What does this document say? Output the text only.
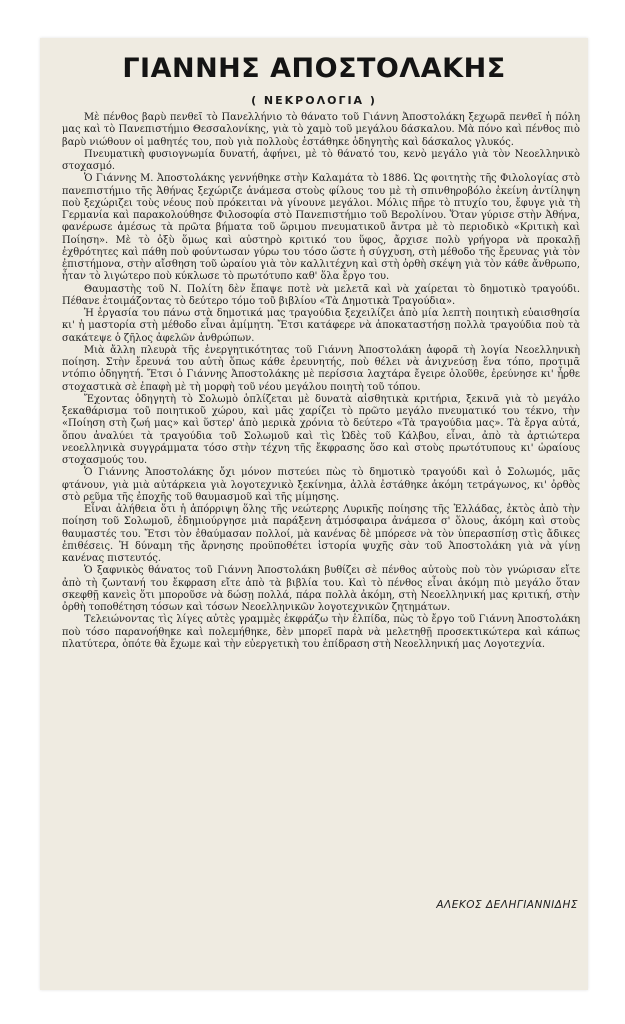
ΓΙΑΝΝΗΣ ΑΠΟΣΤΟΛΑΚΗΣ
( ΝΕΚΡΟΛΟΓΙΑ )

Μὲ πένθος βαρὺ πενθεῖ τὸ Πανελλήνιο τὸ θάνατο τοῦ Γιάννη Ἀποστολάκη ξεχωρᾶ πενθεῖ ἡ πόλη μας καὶ τὸ Πανεπιστήμιο Θεσσαλονίκης, γιὰ τὸ χαμὸ τοῦ μεγάλου δάσκαλου. Μὰ πόνο καὶ πένθος πιὸ βαρὺ νιώθουν οἱ μαθητές του, ποὺ γιὰ πολλοὺς ἐστάθηκε ὁδηγητὴς καὶ δάσκαλος γλυκός.

Πνευματικὴ φυσιογνωμία δυνατή, ἀφήνει, μὲ τὸ θάνατό του, κενὸ μεγάλο γιὰ τὸν Νεοελληνικὸ στοχασμό.

Ὁ Γιάννης Μ. Ἀποστολάκης γεννήθηκε στὴν Καλαμάτα τὸ 1886. Ὡς φοιτητὴς τῆς Φιλολογίας στὸ πανεπιστήμιο τῆς Ἀθήνας ξεχώριζε ἀνάμεσα στοὺς φίλους του μὲ τὴ σπινθηροβόλο ἐκείνη ἀντίληψη ποὺ ξεχώριζει τοὺς νέους ποὺ πρόκειται νὰ γίνουνε μεγάλοι. Μόλις πῆρε τὸ πτυχίο του, ἔφυγε γιὰ τὴ Γερμανία καὶ παρακολούθησε Φιλοσοφία στὸ Πανεπιστήμιο τοῦ Βερολίνου. Ὅταν γύρισε στὴν Ἀθήνα, φανέρωσε ἀμέσως τὰ πρῶτα βήματα τοῦ ὥριμου πνευματικοῦ ἄντρα μὲ τὸ περιοδικὸ «Κριτικὴ καὶ Ποίηση». Μὲ τὸ ὀξὺ ὅμως καὶ αὐστηρὸ κριτικό του ὕφος, ἄρχισε πολὺ γρήγορα νὰ προκαλῇ ἐχθρότητες καὶ πάθη ποὺ φούντωσαν γύρω του τόσο ὥστε ἡ σύγχυση, στὴ μέθοδο τῆς ἔρευνας γιὰ τὸν ἐπιστήμονα, στὴν αἴσθηση τοῦ ὡραίου γιὰ τὸν καλλιτέχνη καὶ στὴ ὀρθὴ σκέψη γιὰ τὸν κάθε ἄνθρωπο, ἦταν τὸ λιγώτερο ποὺ κύκλωσε τὸ πρωτότυπο καθ' ὅλα ἔργο του.

Θαυμαστὴς τοῦ Ν. Πολίτη δὲν ἔπαψε ποτὲ νὰ μελετᾶ καὶ νὰ χαίρεται τὸ δημοτικὸ τραγούδι. Πέθανε ἑτοιμάζοντας τὸ δεύτερο τόμο τοῦ βιβλίου «Τὰ Δημοτικὰ Τραγούδια».

Ἡ ἐργασία του πάνω στὰ δημοτικά μας τραγούδια ξεχειλίζει ἀπὸ μία λεπτὴ ποιητικὴ εὐαισθησία κι' ἡ μαστορία στὴ μέθοδο εἶναι ἀμίμητη. Ἔτσι κατάφερε νὰ ἀποκαταστήσῃ πολλὰ τραγούδια ποὺ τὰ σακάτεψε ὁ ζῆλος ἀφελῶν ἀνθρώπων.

Μιὰ ἄλλη πλευρὰ τῆς ἐνεργητικότητας τοῦ Γιάννη Ἀποστολάκη ἀφορᾶ τὴ λογία Νεοελληνικὴ ποίηση. Στὴν ἔρευνά του αὐτὴ ὅπως κάθε ἐρευνητής, ποὺ θέλει νὰ ἀνιχνεύσῃ ἕνα τόπο, προτιμᾶ ντόπιο ὁδηγητή. Ἔτσι ὁ Γιάννης Ἀποστολάκης μὲ περίσσια λαχτάρα ἔγειρε ὁλοῦθε, ἐρεύνησε κι' ἦρθε στοχαστικὰ σὲ ἐπαφὴ μὲ τὴ μορφὴ τοῦ νέου μεγάλου ποιητὴ τοῦ τόπου.

Ἔχοντας ὁδηγητὴ τὸ Σολωμὸ ὁπλίζεται μὲ δυνατὰ αἰσθητικὰ κριτήρια, ξεκινᾶ γιὰ τὸ μεγάλο ξεκαθάρισμα τοῦ ποιητικοῦ χώρου, καὶ μᾶς χαρίζει τὸ πρῶτο μεγάλο πνευματικό του τέκνο, τὴν «Ποίηση στὴ ζωή μας» καὶ ὕστερ' ἀπὸ μερικὰ χρόνια τὸ δεύτερο «Τὰ τραγούδια μας». Τὰ ἔργα αὐτά, ὅπου ἀναλύει τὰ τραγούδια τοῦ Σολωμοῦ καὶ τὶς Ὠδὲς τοῦ Κάλβου, εἶναι, ἀπὸ τὰ ἀρτιώτερα νεοελληνικὰ συγγράμματα τόσο στὴν τέχνη τῆς ἔκφρασης ὅσο καὶ στοὺς πρωτότυπους κι' ὡραίους στοχασμούς του.

Ὁ Γιάννης Ἀποστολάκης ὄχι μόνον πιστεύει πὼς τὸ δημοτικὸ τραγούδι καὶ ὁ Σολωμός, μᾶς φτάνουν, γιὰ μιὰ αὐτάρκεια γιὰ λογοτεχνικὸ ξεκίνημα, ἀλλὰ ἐστάθηκε ἀκόμη τετράγωνος, κι' ὀρθὸς στὸ ρεῦμα τῆς ἐποχῆς τοῦ θαυμασμοῦ καὶ τῆς μίμησης.

Εἶναι ἀλήθεια ὅτι ἡ ἀπόρριψη ὅλης τῆς νεώτερης Λυρικῆς ποίησης τῆς Ἑλλάδας, ἐκτὸς ἀπὸ τὴν ποίηση τοῦ Σολωμοῦ, ἐδημιούργησε μιὰ παράξενη ἀτμόσφαιρα ἀνάμεσα σ' ὅλους, ἀκόμη καὶ στοὺς θαυμαστές του. Ἔτσι τὸν ἐθαύμασαν πολλοί, μὰ κανένας δὲ μπόρεσε νὰ τὸν ὑπερασπίσῃ στὶς ἄδικες ἐπιθέσεις. Ἡ δύναμη τῆς ἄρνησης προϋποθέτει ἱστορία ψυχῆς σὰν τοῦ Ἀποστολάκη γιὰ νὰ γίνῃ κανένας πιστευτός.

Ὁ ξαφνικὸς θάνατος τοῦ Γιάννη Ἀποστολάκη βυθίζει σὲ πένθος αὐτοὺς ποὺ τὸν γνώρισαν εἴτε ἀπὸ τὴ ζωντανή του ἔκφραση εἴτε ἀπὸ τὰ βιβλία του. Καὶ τὸ πένθος εἶναι ἀκόμη πιὸ μεγάλο ὅταν σκεφθῇ κανεὶς ὅτι μποροῦσε νὰ δώσῃ πολλά, πάρα πολλὰ ἀκόμη, στὴ Νεοελληνική μας κριτική, στὴν ὀρθὴ τοποθέτηση τόσων καὶ τόσων Νεοελληνικῶν λογοτεχνικῶν ζητημάτων.

Τελειώνοντας τὶς λίγες αὐτὲς γραμμὲς ἐκφράζω τὴν ἐλπίδα, πὼς τὸ ἔργο τοῦ Γιάννη Ἀποστολάκη ποὺ τόσο παρανοήθηκε καὶ πολεμήθηκε, δὲν μπορεῖ παρὰ νὰ μελετηθῇ προσεκτικώτερα καὶ κάπως πλατύτερα, ὁπότε θὰ ἔχωμε καὶ τὴν εὐεργετικὴ του ἐπίδραση στὴ Νεοελληνική μας Λογοτεχνία.

ΑΛΕΚΟΣ ΔΕΛΗΓΙΑΝΝΙΔΗΣ
